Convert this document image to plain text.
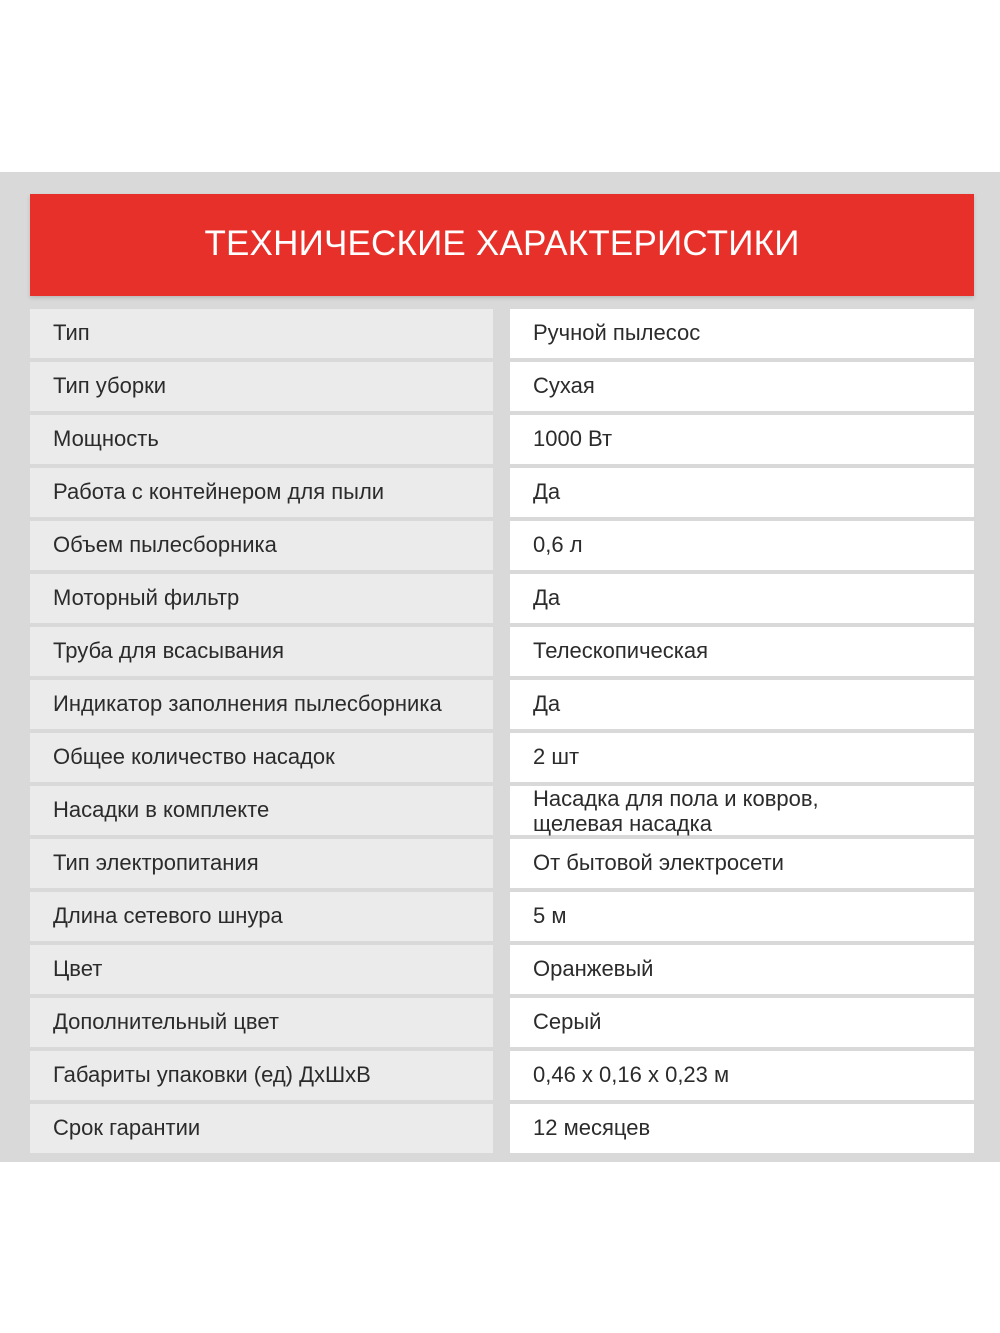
ТЕХНИЧЕСКИЕ ХАРАКТЕРИСТИКИ
Тип	Ручной пылесос
Тип уборки	Сухая
Мощность	1000 Вт
Работа с контейнером для пыли	Да
Объем пылесборника	0,6 л
Моторный фильтр	Да
Труба для всасывания	Телескопическая
Индикатор заполнения пылесборника	Да
Общее количество насадок	2 шт
Насадки в комплекте	Насадка для пола и ковров,
щелевая насадка
Тип электропитания	От бытовой электросети
Длина сетевого шнура	5 м
Цвет	Оранжевый
Дополнительный цвет	Серый
Габариты упаковки (ед) ДхШхВ	0,46 x 0,16 x 0,23 м
Срок гарантии	12 месяцев
